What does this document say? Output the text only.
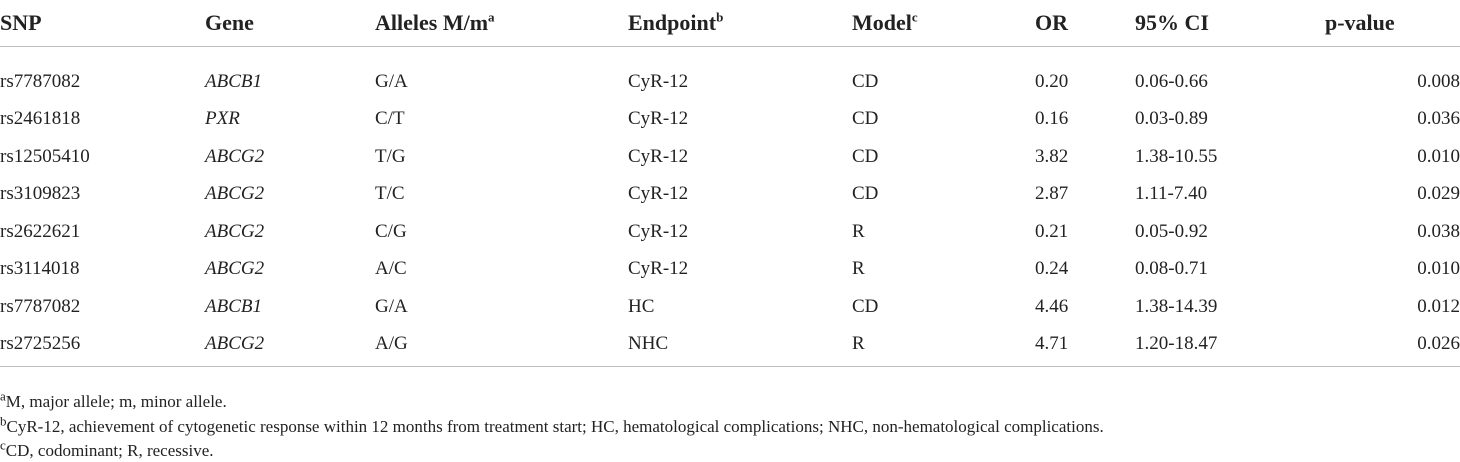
SNP	Gene	Alleles $M/m^a$	Endpoint$^b$	Model$^c$	OR	95% CI	p-value
rs7787082	ABCB1	G/A	CyR-12	CD	0.20	0.06-0.66	0.008
rs2461818	PXR	C/T	CyR-12	CD	0.16	0.03-0.89	0.036
rs12505410	ABCG2	T/G	CyR-12	CD	3.82	1.38-10.55	0.010
rs3109823	ABCG2	T/C	CyR-12	CD	2.87	1.11-7.40	0.029
rs2622621	ABCG2	C/G	CyR-12	R	0.21	0.05-0.92	0.038
rs3114018	ABCG2	A/C	CyR-12	R	0.24	0.08-0.71	0.010
rs7787082	ABCB1	G/A	HC	CD	4.46	1.38-14.39	0.012
rs2725256	ABCG2	A/G	NHC	R	4.71	1.20-18.47	0.026
$^a$M, major allele; m, minor allele.
$^b$CyR-12, achievement of cytogenetic response within 12 months from treatment start; HC, hematological complications; NHC, non-hematological complications.
$^c$CD, codominant; R, recessive.
